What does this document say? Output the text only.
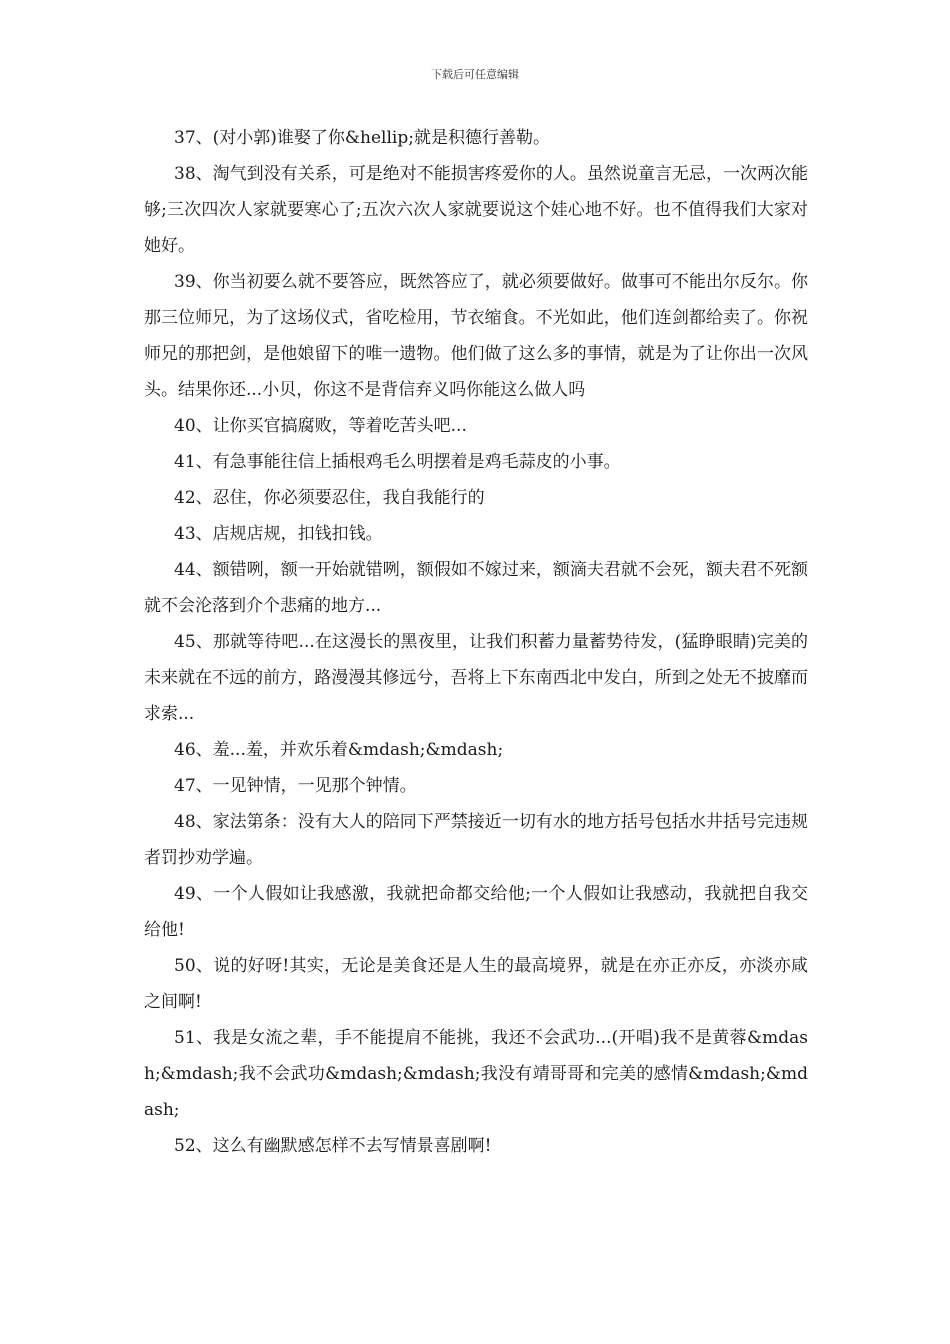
下载后可任意编辑

37、(对小郭)谁娶了你&hellip;就是积德行善勒。

38、淘气到没有关系，可是绝对不能损害疼爱你的人。虽然说童言无忌，一次两次能够;三次四次人家就要寒心了;五次六次人家就要说这个娃心地不好。也不值得我们大家对她好。

39、你当初要么就不要答应，既然答应了，就必须要做好。做事可不能出尔反尔。你那三位师兄，为了这场仪式，省吃检用，节衣缩食。不光如此，他们连剑都给卖了。你祝师兄的那把剑，是他娘留下的唯一遗物。他们做了这么多的事情，就是为了让你出一次风头。结果你还...小贝，你这不是背信弃义吗你能这么做人吗

40、让你买官搞腐败，等着吃苦头吧...

41、有急事能往信上插根鸡毛么明摆着是鸡毛蒜皮的小事。

42、忍住，你必须要忍住，我自我能行的

43、店规店规，扣钱扣钱。

44、额错咧，额一开始就错咧，额假如不嫁过来，额滴夫君就不会死，额夫君不死额就不会沦落到介个悲痛的地方...

45、那就等待吧...在这漫长的黑夜里，让我们积蓄力量蓄势待发，(猛睁眼睛)完美的未来就在不远的前方，路漫漫其修远兮，吾将上下东南西北中发白，所到之处无不披靡而求索...

46、羞...羞，并欢乐着&mdash;&mdash;

47、一见钟情，一见那个钟情。

48、家法第条：没有大人的陪同下严禁接近一切有水的地方括号包括水井括号完违规者罚抄劝学遍。

49、一个人假如让我感激，我就把命都交给他;一个人假如让我感动，我就把自我交给他!

50、说的好呀!其实，无论是美食还是人生的最高境界，就是在亦正亦反，亦淡亦咸之间啊!

51、我是女流之辈，手不能提肩不能挑，我还不会武功...(开唱)我不是黄蓉&mdash;&mdash;我不会武功&mdash;&mdash;我没有靖哥哥和完美的感情&mdash;&mdash;

52、这么有幽默感怎样不去写情景喜剧啊!
